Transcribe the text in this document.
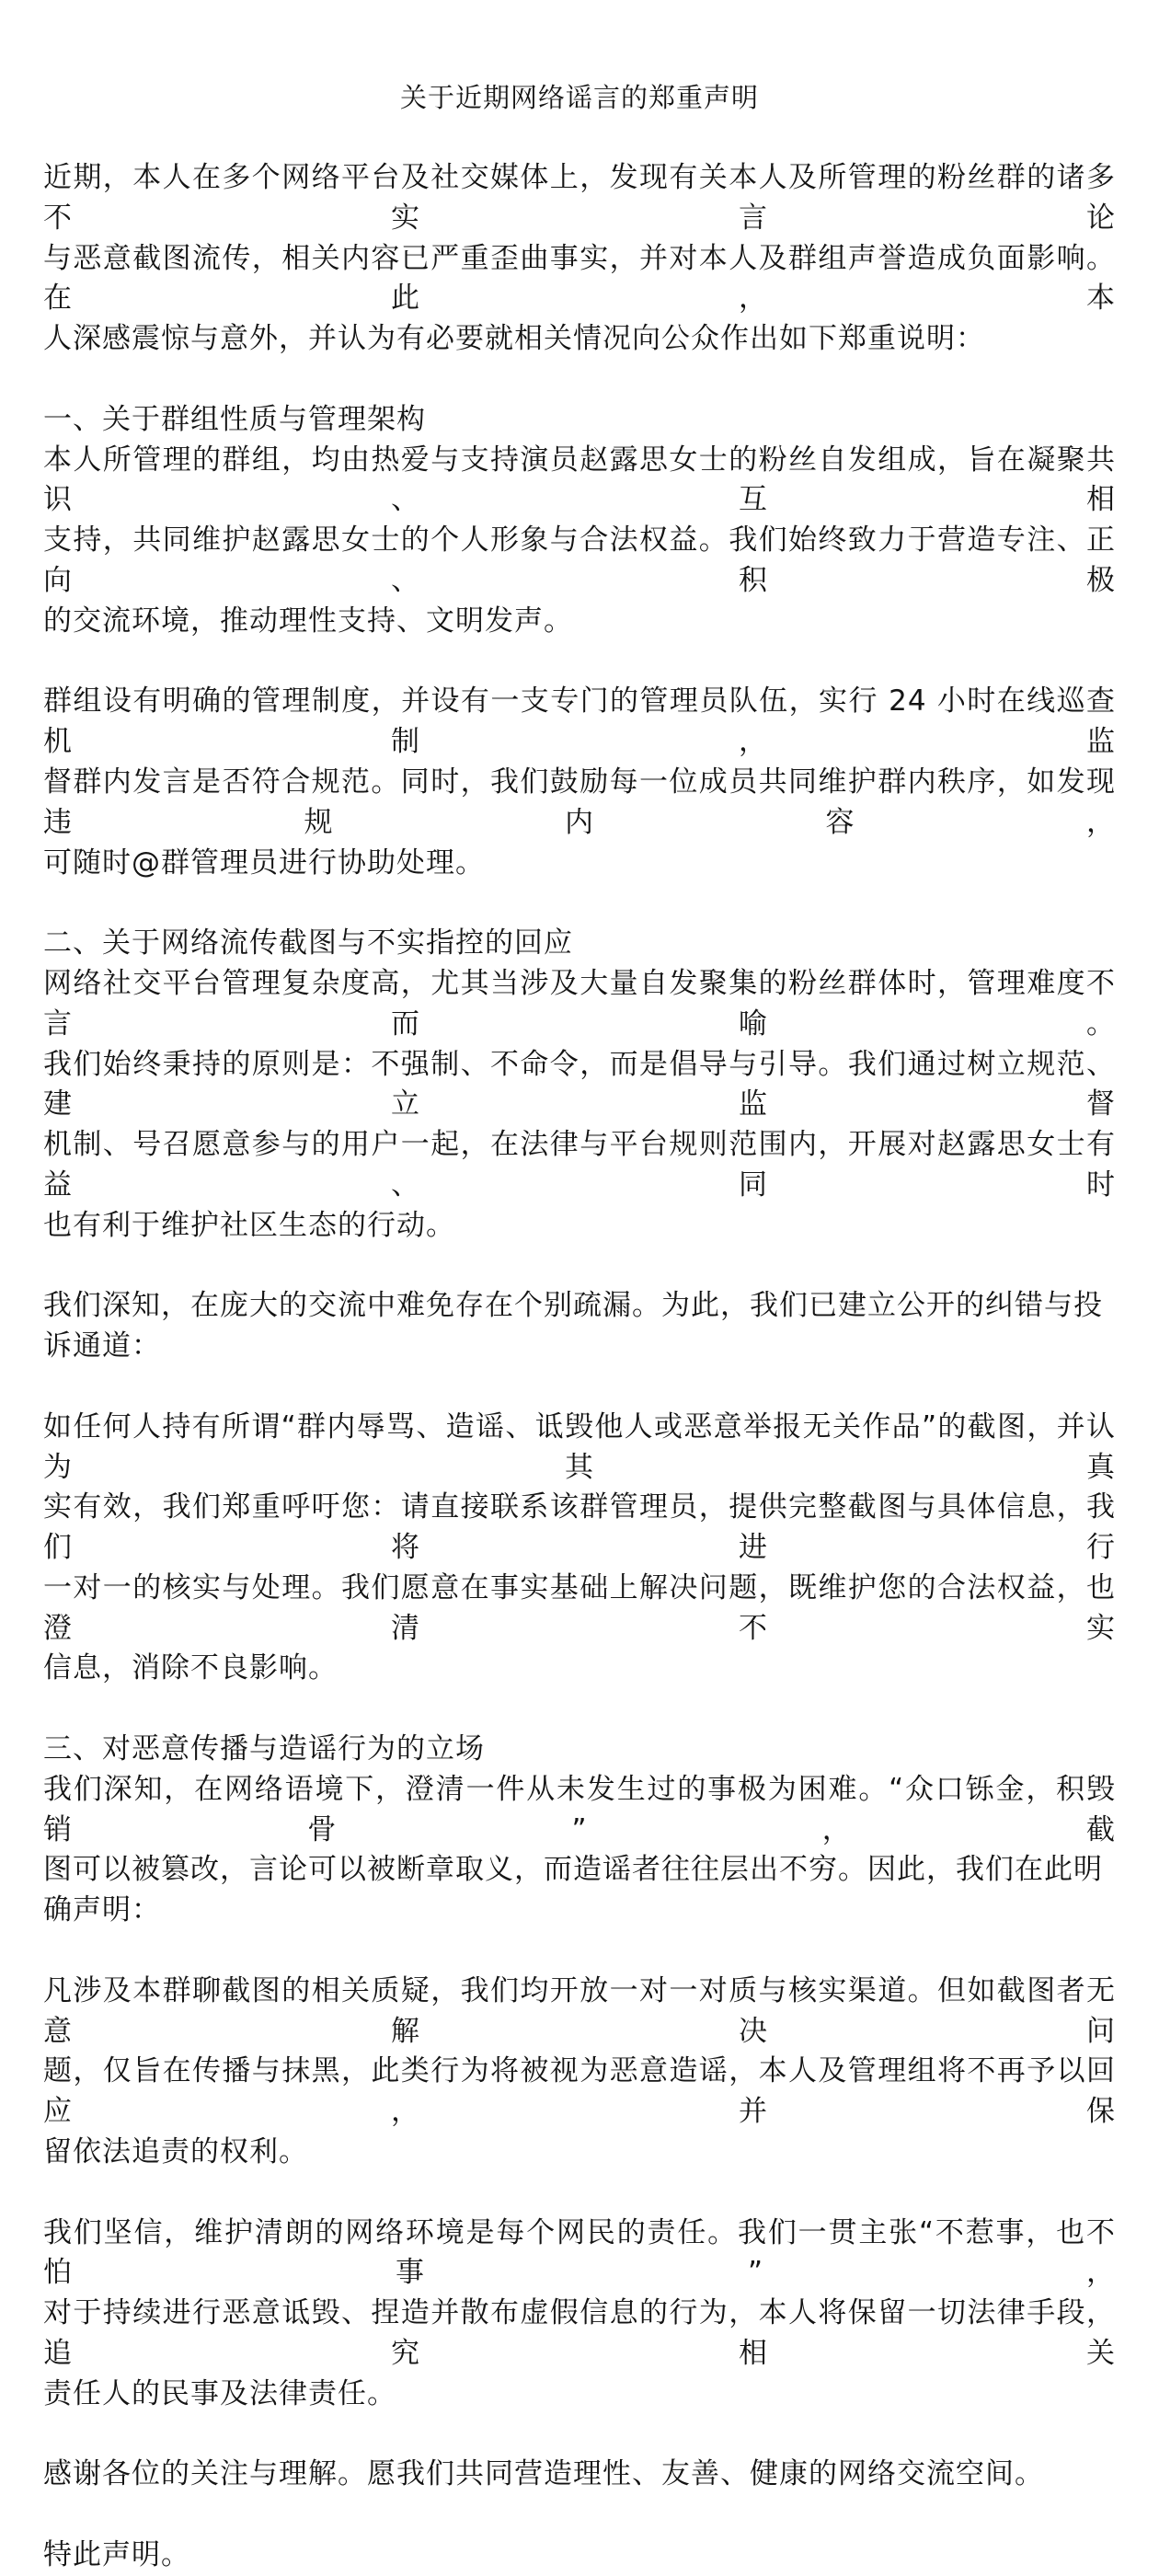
关于近期网络谣言的郑重声明
近期，本人在多个网络平台及社交媒体上，发现有关本人及所管理的粉丝群的诸多不实言论
与恶意截图流传，相关内容已严重歪曲事实，并对本人及群组声誉造成负面影响。在此，本
人深感震惊与意外，并认为有必要就相关情况向公众作出如下郑重说明：
一、关于群组性质与管理架构
本人所管理的群组，均由热爱与支持演员赵露思女士的粉丝自发组成，旨在凝聚共识、互相
支持，共同维护赵露思女士的个人形象与合法权益。我们始终致力于营造专注、正向、积极
的交流环境，推动理性支持、文明发声。
群组设有明确的管理制度，并设有一支专门的管理员队伍，实行 24 小时在线巡查机制，监
督群内发言是否符合规范。同时，我们鼓励每一位成员共同维护群内秩序，如发现违规内容，
可随时@群管理员进行协助处理。
二、关于网络流传截图与不实指控的回应
网络社交平台管理复杂度高，尤其当涉及大量自发聚集的粉丝群体时，管理难度不言而喻。
我们始终秉持的原则是：不强制、不命令，而是倡导与引导。我们通过树立规范、建立监督
机制、号召愿意参与的用户一起，在法律与平台规则范围内，开展对赵露思女士有益、同时
也有利于维护社区生态的行动。
我们深知，在庞大的交流中难免存在个别疏漏。为此，我们已建立公开的纠错与投诉通道：
如任何人持有所谓“群内辱骂、造谣、诋毁他人或恶意举报无关作品”的截图，并认为其真
实有效，我们郑重呼吁您：请直接联系该群管理员，提供完整截图与具体信息，我们将进行
一对一的核实与处理。我们愿意在事实基础上解决问题，既维护您的合法权益，也澄清不实
信息，消除不良影响。
三、对恶意传播与造谣行为的立场
我们深知，在网络语境下，澄清一件从未发生过的事极为困难。“众口铄金，积毁销骨”，截
图可以被篡改，言论可以被断章取义，而造谣者往往层出不穷。因此，我们在此明确声明：
凡涉及本群聊截图的相关质疑，我们均开放一对一对质与核实渠道。但如截图者无意解决问
题，仅旨在传播与抹黑，此类行为将被视为恶意造谣，本人及管理组将不再予以回应，并保
留依法追责的权利。
我们坚信，维护清朗的网络环境是每个网民的责任。我们一贯主张“不惹事，也不怕事”，
对于持续进行恶意诋毁、捏造并散布虚假信息的行为，本人将保留一切法律手段，追究相关
责任人的民事及法律责任。
感谢各位的关注与理解。愿我们共同营造理性、友善、健康的网络交流空间。
特此声明。
